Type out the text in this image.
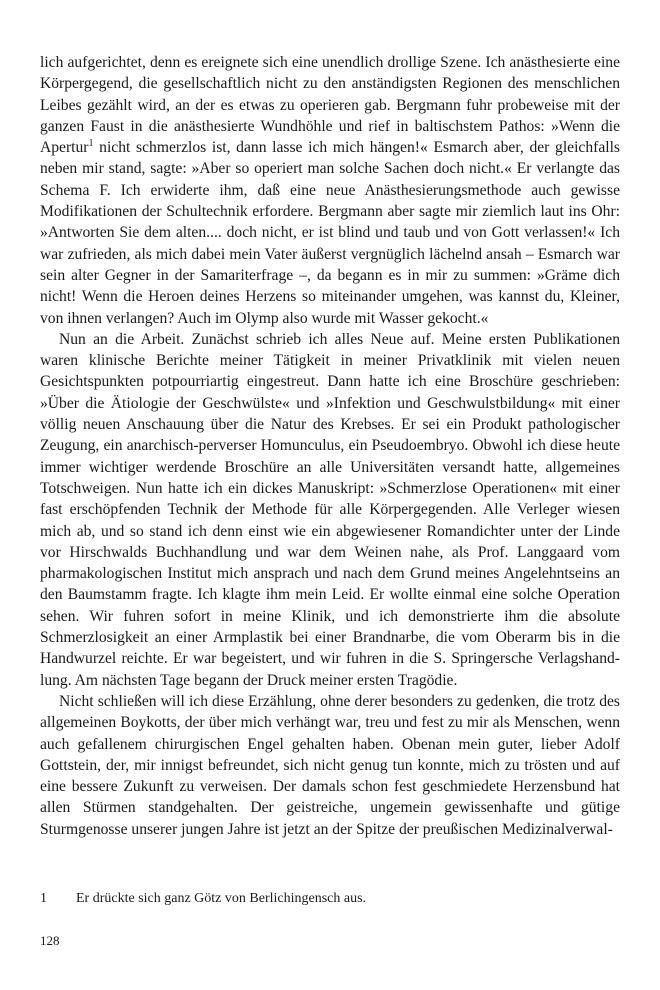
lich aufgerichtet, denn es ereignete sich eine unendlich drollige Szene. Ich anästhesierte eine Körpergegend, die gesellschaftlich nicht zu den anständigsten Regionen des menschlichen Leibes gezählt wird, an der es etwas zu operieren gab. Bergmann fuhr probeweise mit der ganzen Faust in die anästhesierte Wundhöhle und rief in baltischstem Pathos: »Wenn die Apertur$^1$ nicht schmerzlos ist, dann lasse ich mich hängen!« Esmarch aber, der gleichfalls neben mir stand, sagte: »Aber so operiert man solche Sachen doch nicht.« Er verlangte das Schema F. Ich erwiderte ihm, daß eine neue Anästhesierungsmethode auch gewisse Modifikationen der Schultechnik erfordere. Bergmann aber sagte mir ziemlich laut ins Ohr: »Antworten Sie dem alten.... doch nicht, er ist blind und taub und von Gott verlassen!« Ich war zufrieden, als mich dabei mein Vater äußerst vergnüglich lächelnd ansah – Esmarch war sein alter Gegner in der Samariterfrage –, da begann es in mir zu summen: »Gräme dich nicht! Wenn die Heroen deines Herzens so miteinander umgehen, was kannst du, Kleiner, von ihnen verlangen? Auch im Olymp also wurde mit Wasser gekocht.«

Nun an die Arbeit. Zunächst schrieb ich alles Neue auf. Meine ersten Publikationen waren klinische Berichte meiner Tätigkeit in meiner Privatklinik mit vielen neuen Gesichtspunkten potpourriartig eingestreut. Dann hatte ich eine Broschüre geschrieben: »Über die Ätiologie der Geschwülste« und »Infektion und Geschwulstbildung« mit einer völlig neuen Anschauung über die Natur des Krebses. Er sei ein Produkt pathologischer Zeugung, ein anarchisch-perverser Homunculus, ein Pseudoembryo. Obwohl ich diese heute immer wichtiger werdende Broschüre an alle Universitäten versandt hatte, allgemeines Totschweigen. Nun hatte ich ein dickes Manuskript: »Schmerzlose Operationen« mit einer fast erschöpfenden Technik der Methode für alle Körpergegenden. Alle Verleger wiesen mich ab, und so stand ich denn einst wie ein abgewiesener Romandichter unter der Linde vor Hirschwalds Buchhandlung und war dem Weinen nahe, als Prof. Langgaard vom pharmakologischen Institut mich ansprach und nach dem Grund meines Angelehntseins an den Baumstamm fragte. Ich klagte ihm mein Leid. Er wollte einmal eine solche Operation sehen. Wir fuhren sofort in meine Klinik, und ich demonstrierte ihm die absolute Schmerzlosigkeit an einer Armplastik bei einer Brandnarbe, die vom Oberarm bis in die Handwurzel reichte. Er war begeistert, und wir fuhren in die S. Springersche Verlagshandlung. Am nächsten Tage begann der Druck meiner ersten Tragödie.

Nicht schließen will ich diese Erzählung, ohne derer besonders zu gedenken, die trotz des allgemeinen Boykotts, der über mich verhängt war, treu und fest zu mir als Menschen, wenn auch gefallenem chirurgischen Engel gehalten haben. Obenan mein guter, lieber Adolf Gottstein, der, mir innigst befreundet, sich nicht genug tun konnte, mich zu trösten und auf eine bessere Zukunft zu verweisen. Der damals schon fest geschmiedete Herzensbund hat allen Stürmen standgehalten. Der geistreiche, ungemein gewissenhafte und gütige Sturmgenosse unserer jungen Jahre ist jetzt an der Spitze der preußischen Medizinalverwal-

1	Er drückte sich ganz Götz von Berlichingensch aus.
128
